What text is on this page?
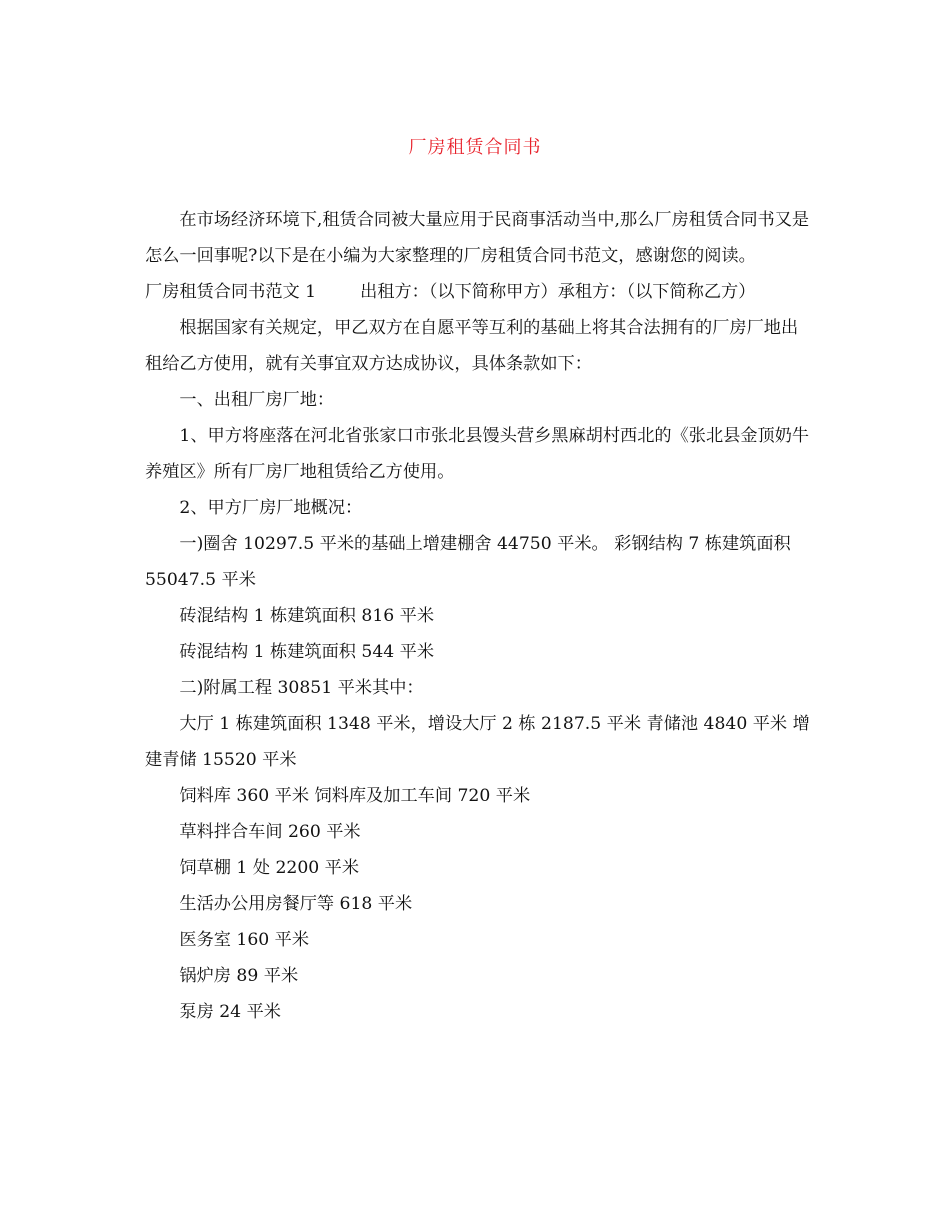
厂房租赁合同书

在市场经济环境下,租赁合同被大量应用于民商事活动当中,那么厂房租赁合同书又是怎么一回事呢?以下是在小编为大家整理的厂房租赁合同书范文，感谢您的阅读。

厂房租赁合同书范文 1	出租方：（以下简称甲方）承租方：（以下简称乙方）

根据国家有关规定，甲乙双方在自愿平等互利的基础上将其合法拥有的厂房厂地出租给乙方使用，就有关事宜双方达成协议，具体条款如下：

一、出租厂房厂地：

1、甲方将座落在河北省张家口市张北县馒头营乡黑麻胡村西北的《张北县金顶奶牛养殖区》所有厂房厂地租赁给乙方使用。

2、甲方厂房厂地概况：

一)圈舍 10297.5 平米的基础上增建棚舍 44750 平米。 彩钢结构 7 栋建筑面积 55047.5 平米

砖混结构 1 栋建筑面积 816 平米

砖混结构 1 栋建筑面积 544 平米

二)附属工程 30851 平米其中：

大厅 1 栋建筑面积 1348 平米，增设大厅 2 栋 2187.5 平米 青储池 4840 平米 增建青储 15520 平米

饲料库 360 平米 饲料库及加工车间 720 平米

草料拌合车间 260 平米

饲草棚 1 处 2200 平米

生活办公用房餐厅等 618 平米

医务室 160 平米

锅炉房 89 平米

泵房 24 平米
